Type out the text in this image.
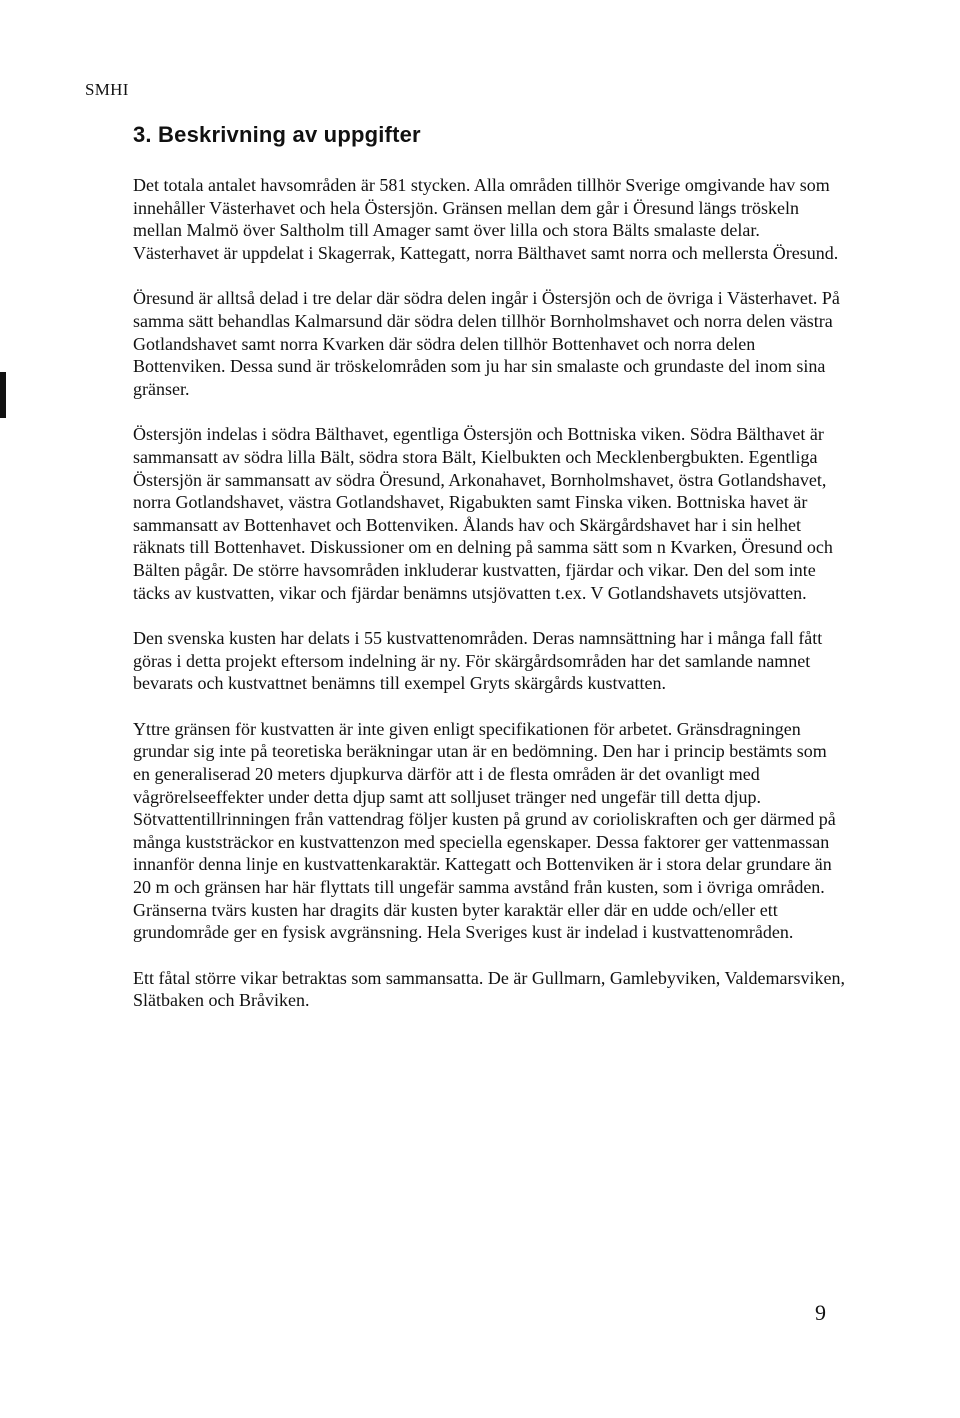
SMHI
3. Beskrivning av uppgifter

Det totala antalet havsområden är 581 stycken. Alla områden tillhör Sverige omgivande hav som innehåller Västerhavet och hela Östersjön. Gränsen mellan dem går i Öresund längs tröskeln mellan Malmö över Saltholm till Amager samt över lilla och stora Bälts smalaste delar. Västerhavet är uppdelat i Skagerrak, Kattegatt, norra Bälthavet samt norra och mellersta Öresund.

Öresund är alltså delad i tre delar där södra delen ingår i Östersjön och de övriga i Västerhavet. På samma sätt behandlas Kalmarsund där södra delen tillhör Bornholmshavet och norra delen västra Gotlandshavet samt norra Kvarken där södra delen tillhör Bottenhavet och norra delen Bottenviken. Dessa sund är tröskelområden som ju har sin smalaste och grundaste del inom sina gränser.

Östersjön indelas i södra Bälthavet, egentliga Östersjön och Bottniska viken. Södra Bälthavet är sammansatt av södra lilla Bält, södra stora Bält, Kielbukten och Mecklenbergbukten. Egentliga Östersjön är sammansatt av södra Öresund, Arkonahavet, Bornholmshavet, östra Gotlandshavet, norra Gotlandshavet, västra Gotlandshavet, Rigabukten samt Finska viken. Bottniska havet är sammansatt av Bottenhavet och Bottenviken. Ålands hav och Skärgårdshavet har i sin helhet räknats till Bottenhavet. Diskussioner om en delning på samma sätt som n Kvarken, Öresund och Bälten pågår. De större havsområden inkluderar kustvatten, fjärdar och vikar. Den del som inte täcks av kustvatten, vikar och fjärdar benämns utsjövatten t.ex. V Gotlandshavets utsjövatten.

Den svenska kusten har delats i 55 kustvattenområden. Deras namnsättning har i många fall fått göras i detta projekt eftersom indelning är ny. För skärgårdsområden har det samlande namnet bevarats och kustvattnet benämns till exempel Gryts skärgårds kustvatten.

Yttre gränsen för kustvatten är inte given enligt specifikationen för arbetet. Gränsdragningen grundar sig inte på teoretiska beräkningar utan är en bedömning. Den har i princip bestämts som en generaliserad 20 meters djupkurva därför att i de flesta områden är det ovanligt med vågrörelseeffekter under detta djup samt att solljuset tränger ned ungefär till detta djup. Sötvattentillrinningen från vattendrag följer kusten på grund av corioliskraften och ger därmed på många kuststräckor en kustvattenzon med speciella egenskaper. Dessa faktorer ger vattenmassan innanför denna linje en kustvattenkaraktär. Kattegatt och Bottenviken är i stora delar grundare än 20 m och gränsen har här flyttats till ungefär samma avstånd från kusten, som i övriga områden. Gränserna tvärs kusten har dragits där kusten byter karaktär eller där en udde och/eller ett grundområde ger en fysisk avgränsning. Hela Sveriges kust är indelad i kustvattenområden.

Ett fåtal större vikar betraktas som sammansatta. De är Gullmarn, Gamlebyviken, Valdemarsviken, Slätbaken och Bråviken.

9
